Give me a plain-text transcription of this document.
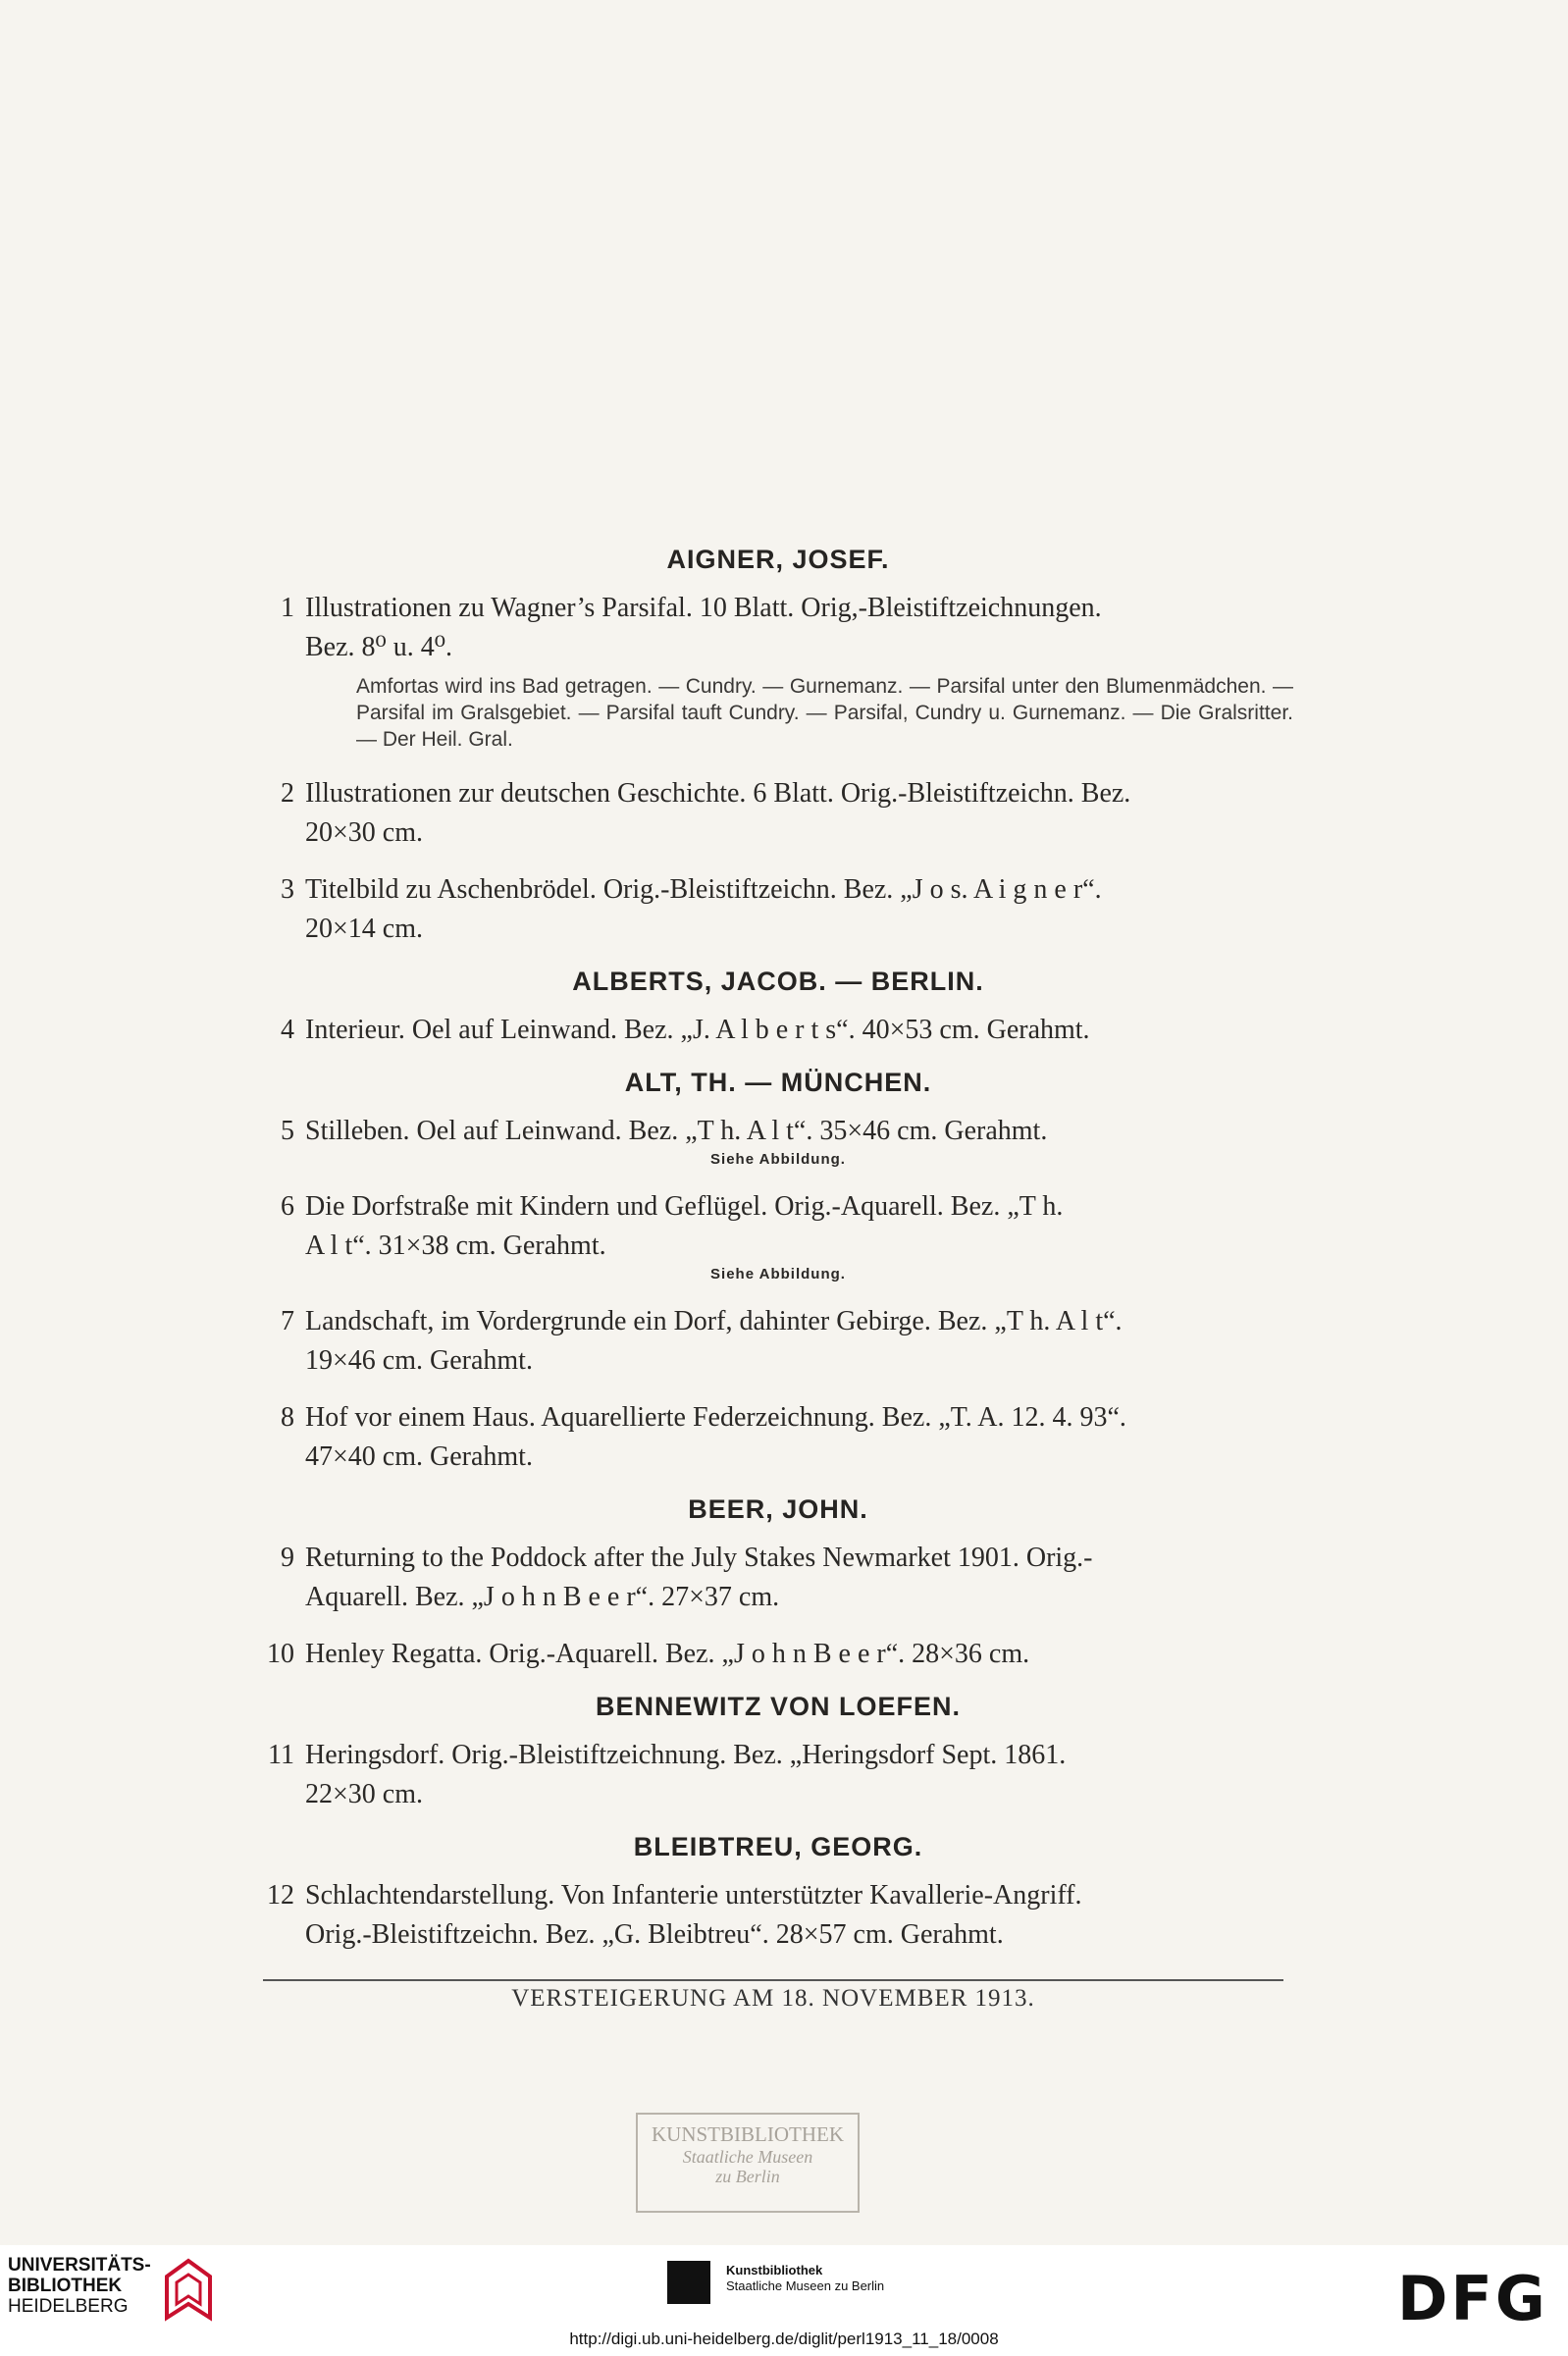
AIGNER, JOSEF.
1 Illustrationen zu Wagner’s Parsifal. 10 Blatt. Orig,-Bleistiftzeichnungen.
Bez. 8⁰ u. 4⁰.
Amfortas wird ins Bad getragen. — Cundry. — Gurnemanz. — Parsifal unter den Blumenmädchen. — Parsifal im Gralsgebiet. — Parsifal tauft Cundry. — Parsifal, Cundry u. Gurnemanz. — Die Gralsritter. — Der Heil. Gral.
2 Illustrationen zur deutschen Geschichte. 6 Blatt. Orig.-Bleistiftzeichn. Bez.
20×30 cm.
3 Titelbild zu Aschenbrödel. Orig.-Bleistiftzeichn. Bez. „J o s. A i g n e r“.
20×14 cm.
ALBERTS, JACOB. — BERLIN.
4 Interieur. Oel auf Leinwand. Bez. „J. A l b e r t s“. 40×53 cm. Gerahmt.
ALT, TH. — MÜNCHEN.
5 Stilleben. Oel auf Leinwand. Bez. „T h. A l t“. 35×46 cm. Gerahmt.
Siehe Abbildung.
6 Die Dorfstraße mit Kindern und Geflügel. Orig.-Aquarell. Bez. „T h.
A l t“. 31×38 cm. Gerahmt.
Siehe Abbildung.
7 Landschaft, im Vordergrunde ein Dorf, dahinter Gebirge. Bez. „T h. A l t“.
19×46 cm. Gerahmt.
8 Hof vor einem Haus. Aquarellierte Federzeichnung. Bez. „T. A. 12. 4. 93“.
47×40 cm. Gerahmt.
BEER, JOHN.
9 Returning to the Poddock after the July Stakes Newmarket 1901. Orig.-
Aquarell. Bez. „J o h n B e e r“. 27×37 cm.
10 Henley Regatta. Orig.-Aquarell. Bez. „J o h n B e e r“. 28×36 cm.
BENNEWITZ VON LOEFEN.
11 Heringsdorf. Orig.-Bleistiftzeichnung. Bez. „Heringsdorf Sept. 1861.
22×30 cm.
BLEIBTREU, GEORG.
12 Schlachtendarstellung. Von Infanterie unterstützter Kavallerie-Angriff.
Orig.-Bleistiftzeichn. Bez. „G. Bleibtreu“. 28×57 cm. Gerahmt.
VERSTEIGERUNG AM 18. NOVEMBER 1913.
KUNSTBIBLIOTHEK
Staatliche Museen
zu Berlin
UNIVERSITÄTS-
BIBLIOTHEK
HEIDELBERG
Kunstbibliothek
Staatliche Museen zu Berlin	DFG
http://digi.ub.uni-heidelberg.de/diglit/perl1913_11_18/0008
